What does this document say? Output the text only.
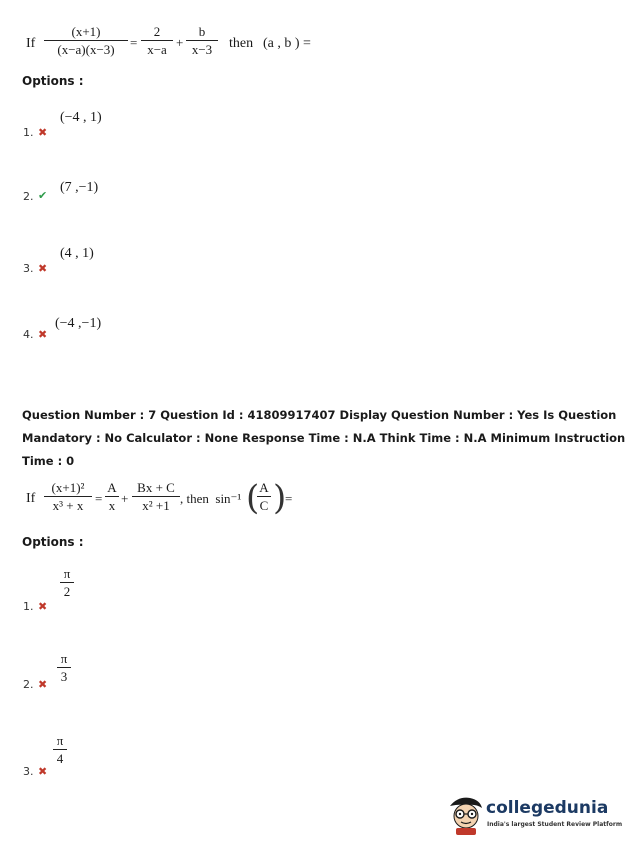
If
(x+1)
(x−a)(x−3)	=
2
x−a +
b
x−3	then (a , b ) =
Options :
(−4 , 1)
1. ✖
(7 ,−1)
2. ✔
(4 , 1)
3. ✖
(−4 ,−1)
4. ✖
Question Number : 7 Question Id : 41809917407 Display Question Number : Yes Is Question
Mandatory : No Calculator : None Response Time : N.A Think Time : N.A Minimum Instruction
Time : 0
If
(x+1)²
x³ + x =
A
x +
Bx + C
x² +1 , then  sin⁻¹ ( A
C )
=
Options :
π
2
1. ✖
π
3
2. ✖
π
4
3. ✖
collegedunia
India's largest Student Review Platform
